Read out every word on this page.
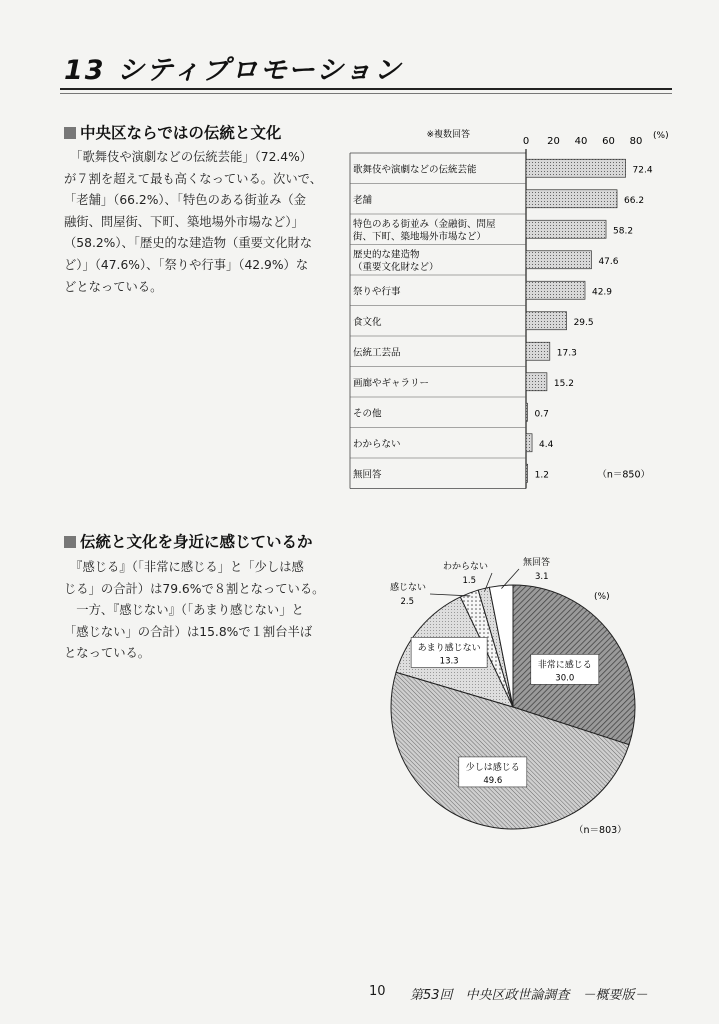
13 シティプロモーション
中央区ならではの伝統と文化
　「歌舞伎や演劇などの伝統芸能」（72.4%）
が７割を超えて最も高くなっている。次いで、
「老舗」（66.2%）、「特色のある街並み（金
融街、問屋街、下町、築地場外市場など）」
（58.2%）、「歴史的な建造物（重要文化財な
ど）」（47.6%）、「祭りや行事」（42.9%）な
どとなっている。
※複数回答
0 20 40 60 80 (%)
歌舞伎や演劇などの伝統芸能	72.4
老舗	66.2
特色のある街並み（金融街、問屋
街、下町、築地場外市場など）
58.2
歴史的な建造物
（重要文化財など）
47.6
祭りや行事	42.9
食文化	29.5
伝統工芸品	17.3
画廊やギャラリー	15.2
その他	0.7
わからない	4.4
無回答	1.2	（n＝850）
伝統と文化を身近に感じているか
　『感じる』（「非常に感じる」と「少しは感
じる」の合計）は79.6%で８割となっている。
　一方、『感じない』（「あまり感じない」と
「感じない」の合計）は15.8%で１割台半ば
となっている。
非常に感じる
30.0
少しは感じる
49.6
あまり感じない
13.3
感じない
2.5
わからない
1.5
無回答
3.1
(%)
（n＝803）
10 第53回　中央区政世論調査　－概要版－
